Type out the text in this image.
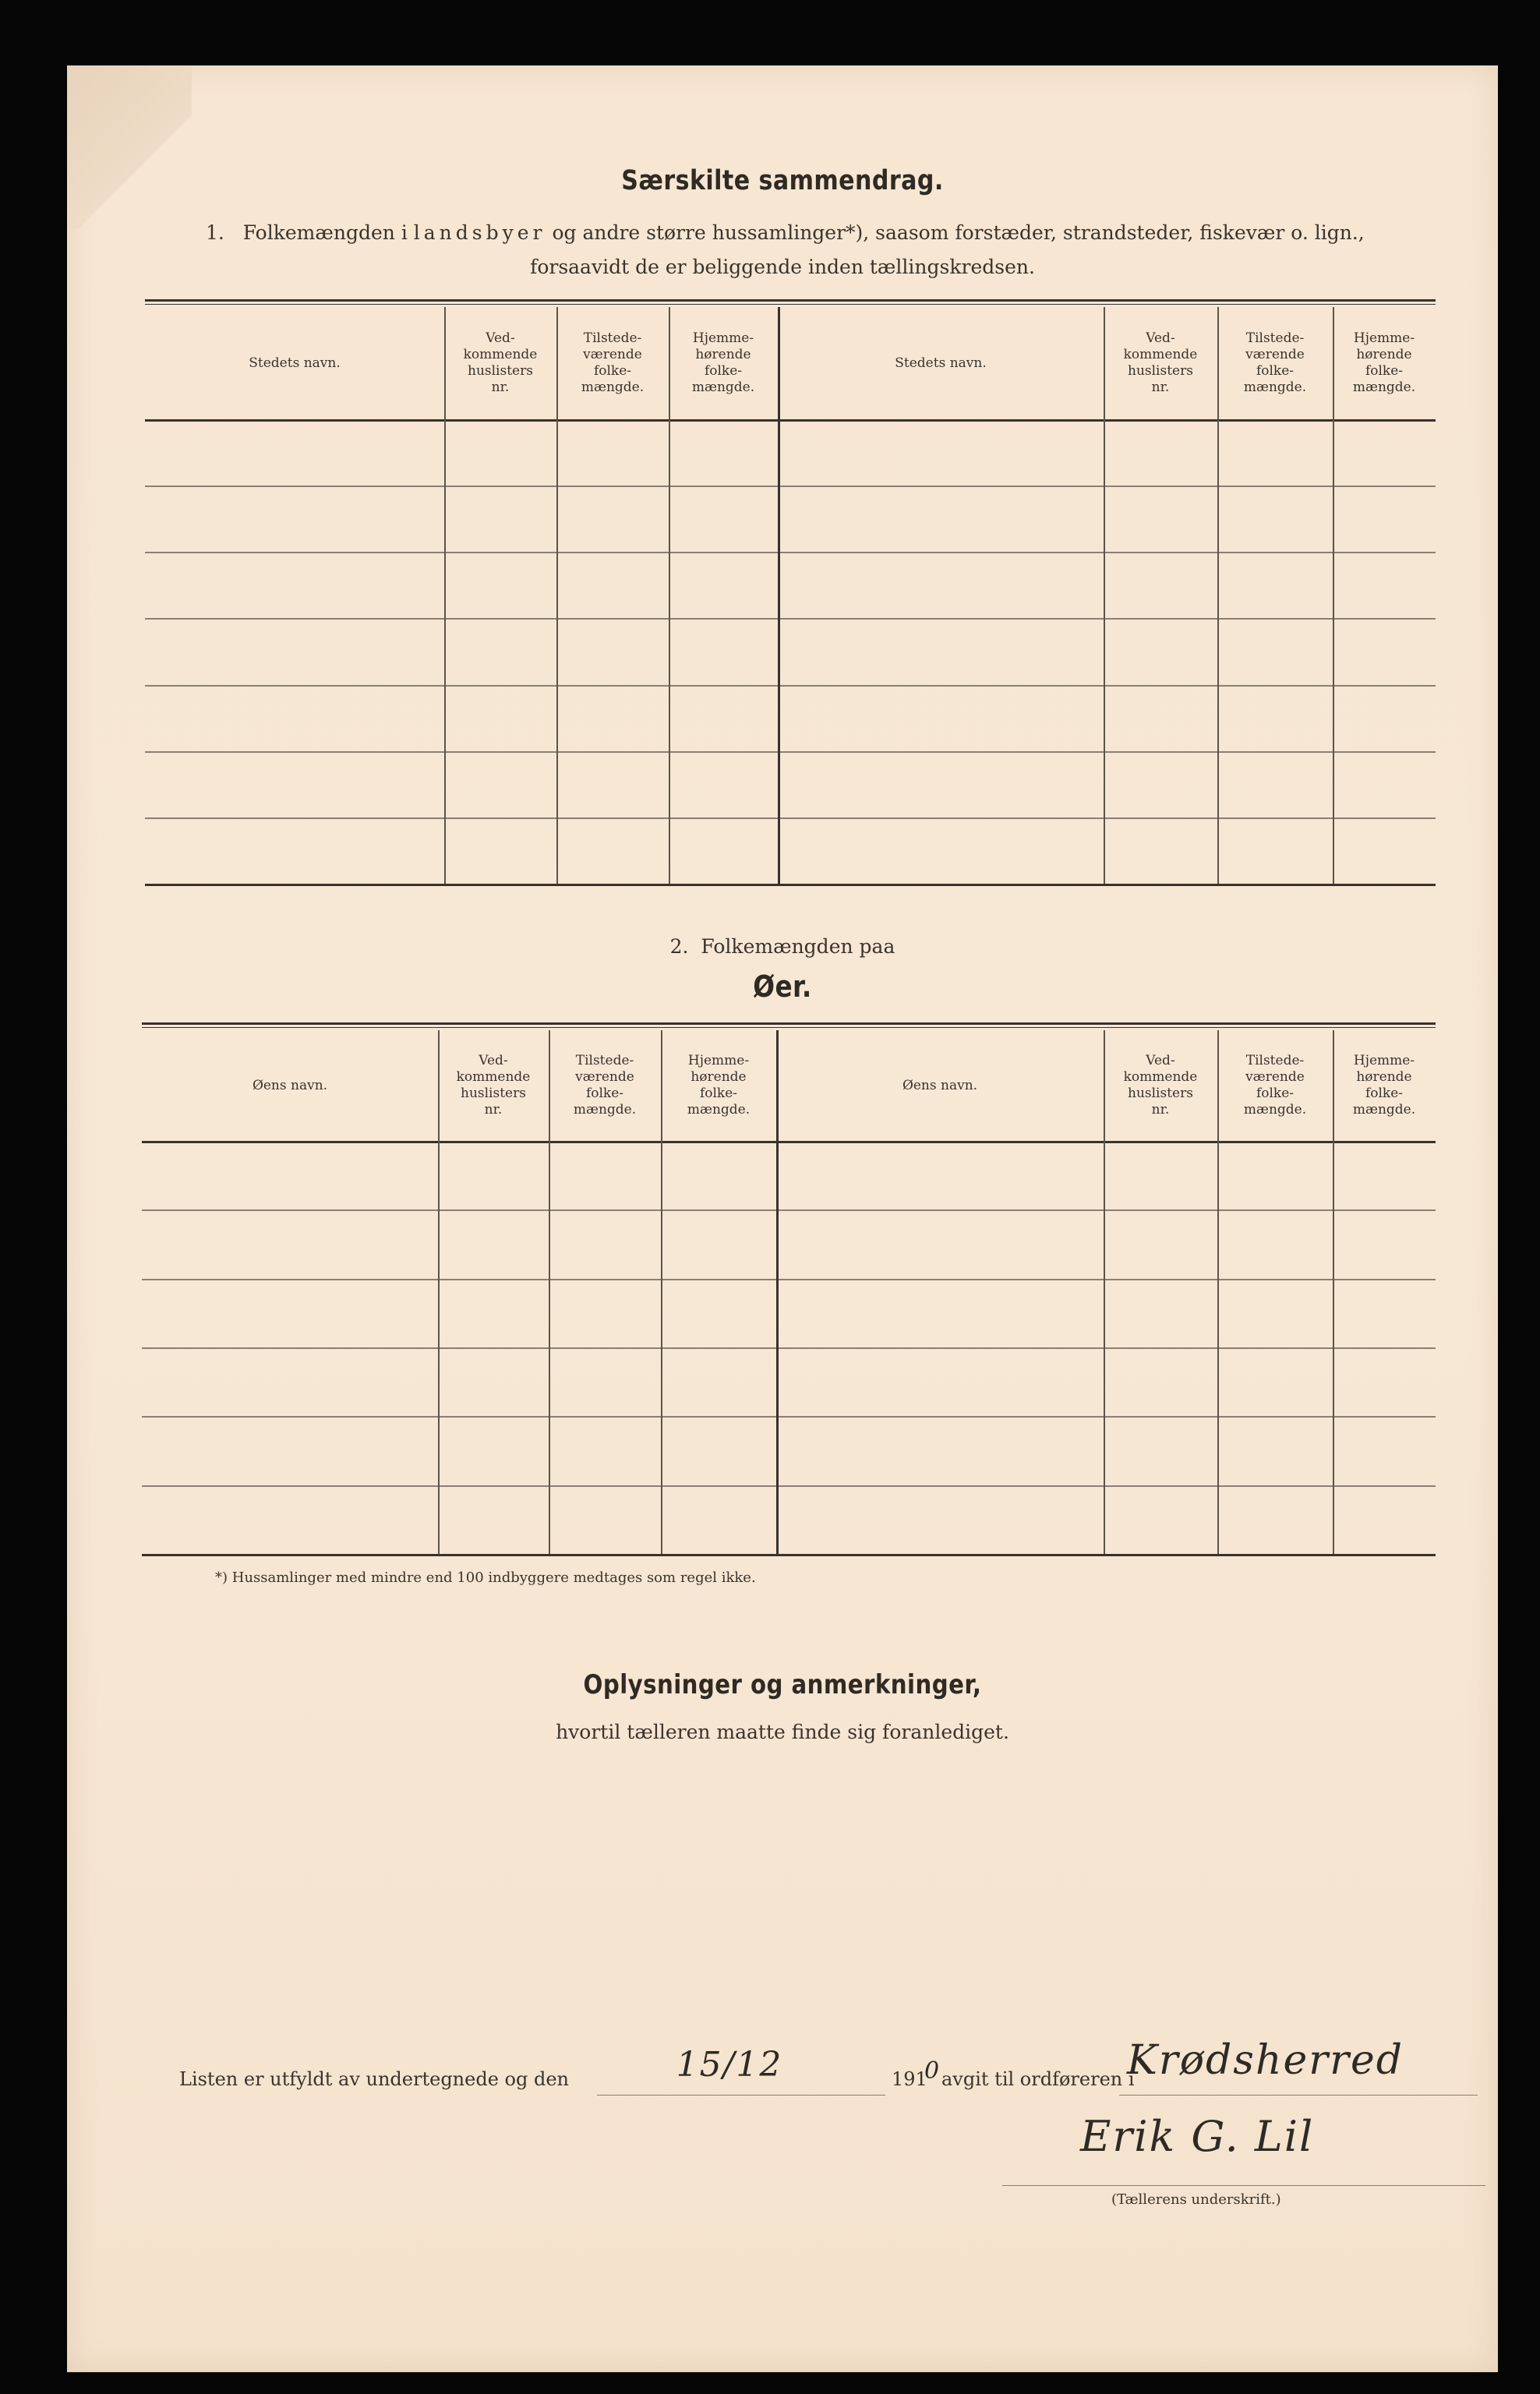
Særskilte sammendrag.
1. Folkemængden i landsbyer og andre større hussamlinger*), saasom forstæder, strandsteder, fiskevær o. lign.,
forsaavidt de er beliggende inden tællingskredsen.
Stedets navn.
Ved-
kommende
huslisters
nr.
Tilstede-
værende
folke-
mængde.
Hjemme-
hørende
folke-
mængde.
Stedets navn.
Ved-
kommende
huslisters
nr.
Tilstede-
værende
folke-
mængde.
Hjemme-
hørende
folke-
mængde.
2. Folkemængden paa
Øer.
Øens navn.
Ved-
kommende
huslisters
nr.
Tilstede-
værende
folke-
mængde.
Hjemme-
hørende
folke-
mængde.
Øens navn.
Ved-
kommende
huslisters
nr.
Tilstede-
værende
folke-
mængde.
Hjemme-
hørende
folke-
mængde.
*) Hussamlinger med mindre end 100 indbyggere medtages som regel ikke.
Oplysninger og anmerkninger,
hvortil tælleren maatte finde sig foranlediget.
Listen er utfyldt av undertegnede og den	15/12	191
0 avgit til ordføreren i
Krødsherred
Erik G. Lil
(Tællerens underskrift.)
